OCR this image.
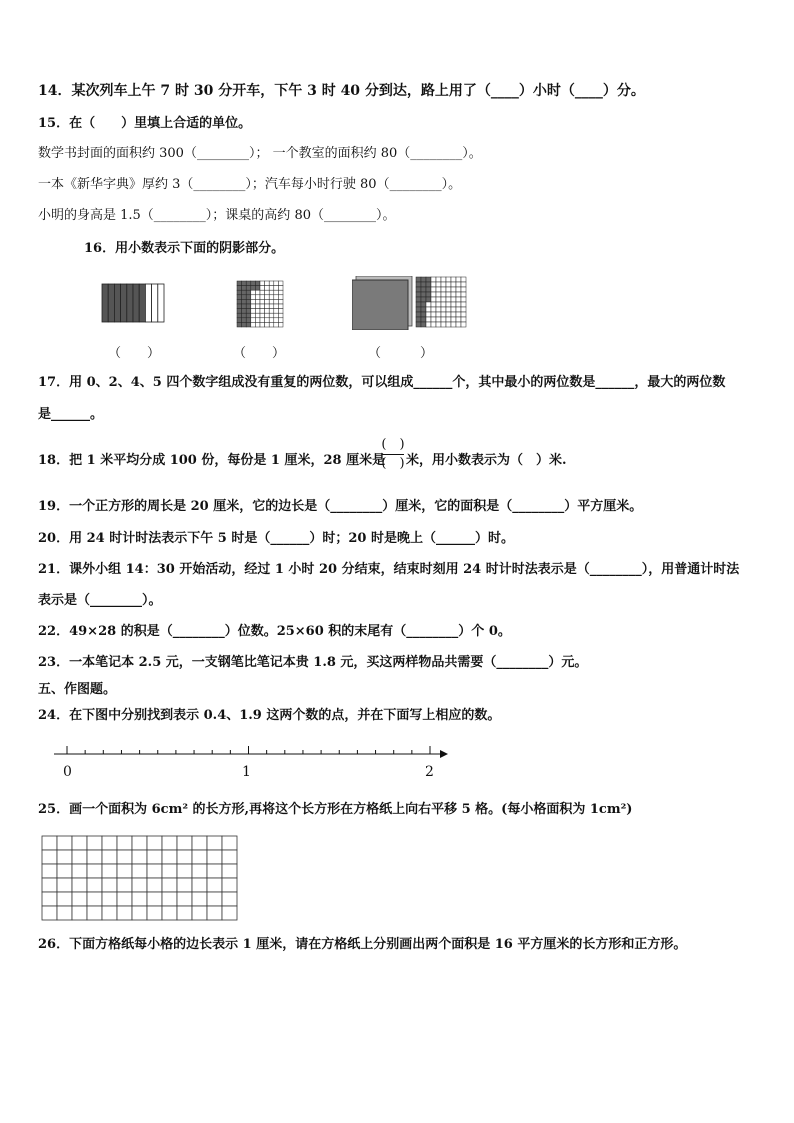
14．某次列车上午 7 时 30 分开车，下午 3 时 40 分到达，路上用了（____）小时（____）分。
15．在（　　）里填上合适的单位。
数学书封面的面积约 300（________）； 一个教室的面积约 80（________）。
一本《新华字典》厚约 3（________）；汽车每小时行驶 80（________）。
小明的身高是 1.5（________）；课桌的高约 80（________）。
16．用小数表示下面的阴影部分。
（　　）	（　　）	（　　　）
17．用 0、2、4、5 四个数字组成没有重复的两位数，可以组成______个，其中最小的两位数是______，最大的两位数
是______。
18．把 1 米平均分成 100 份，每份是 1 厘米，28 厘米是
(　)
(　) 米，用小数表示为（　）米.
19．一个正方形的周长是 20 厘米，它的边长是（________）厘米，它的面积是（________）平方厘米。
20．用 24 时计时法表示下午 5 时是（______）时；20 时是晚上（______）时。
21．课外小组 14：30 开始活动，经过 1 小时 20 分结束，结束时刻用 24 时计时法表示是（________），用普通计时法
表示是（________）。
22．49×28 的积是（________）位数。25×60 积的末尾有（________）个 0。
23．一本笔记本 2.5 元，一支钢笔比笔记本贵 1.8 元，买这两样物品共需要（________）元。
五、作图题。
24．在下图中分别找到表示 0.4、1.9 这两个数的点，并在下面写上相应的数。
0	1	2
25．画一个面积为 6cm² 的长方形,再将这个长方形在方格纸上向右平移 5 格。(每小格面积为 1cm²)
26．下面方格纸每小格的边长表示 1 厘米，请在方格纸上分别画出两个面积是 16 平方厘米的长方形和正方形。
